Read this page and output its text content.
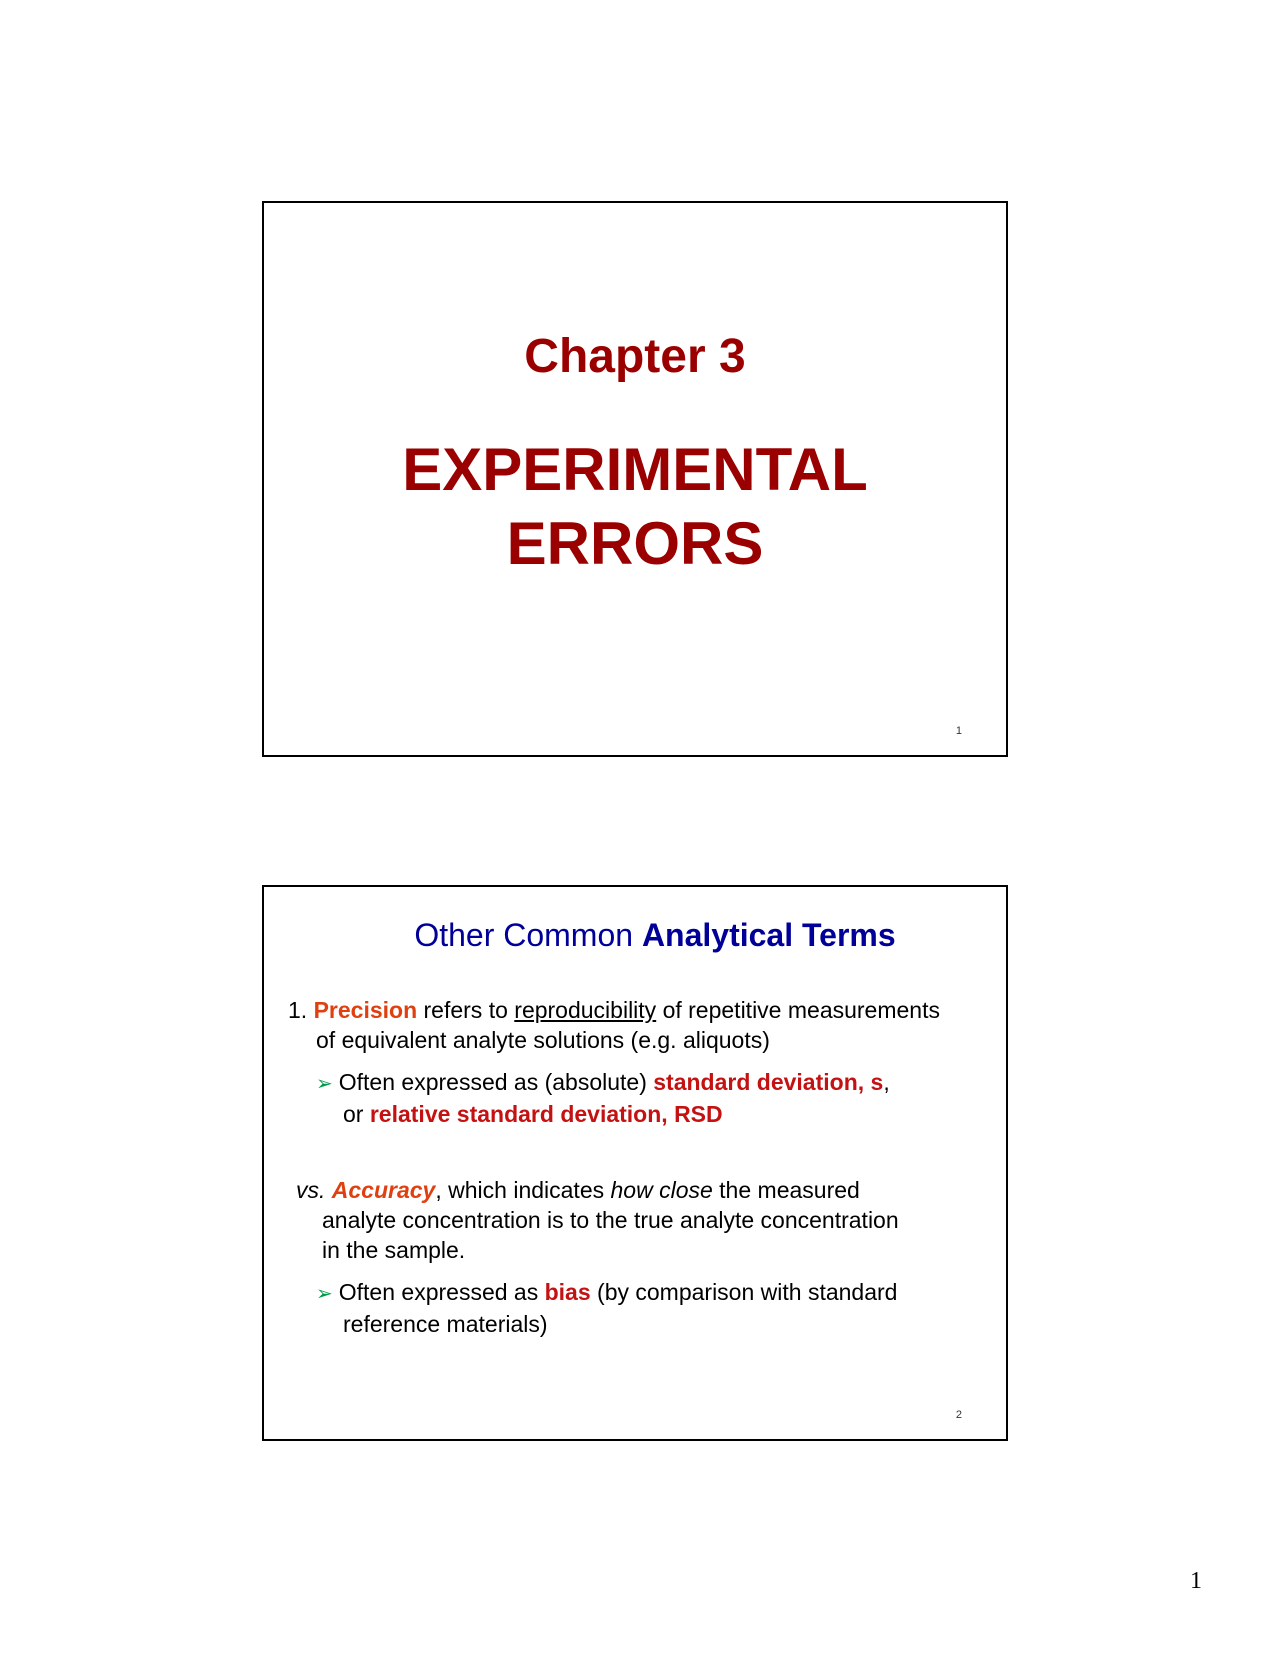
Chapter 3
EXPERIMENTAL
ERRORS
1
Other Common Analytical Terms
1. Precision refers to reproducibility of repetitive measurements
of equivalent analyte solutions (e.g. aliquots)
➢ Often expressed as (absolute) standard deviation, s,
or relative standard deviation, RSD
vs. Accuracy, which indicates how close the measured
analyte concentration is to the true analyte concentration
in the sample.
➢ Often expressed as bias (by comparison with standard
reference materials)
2
1
